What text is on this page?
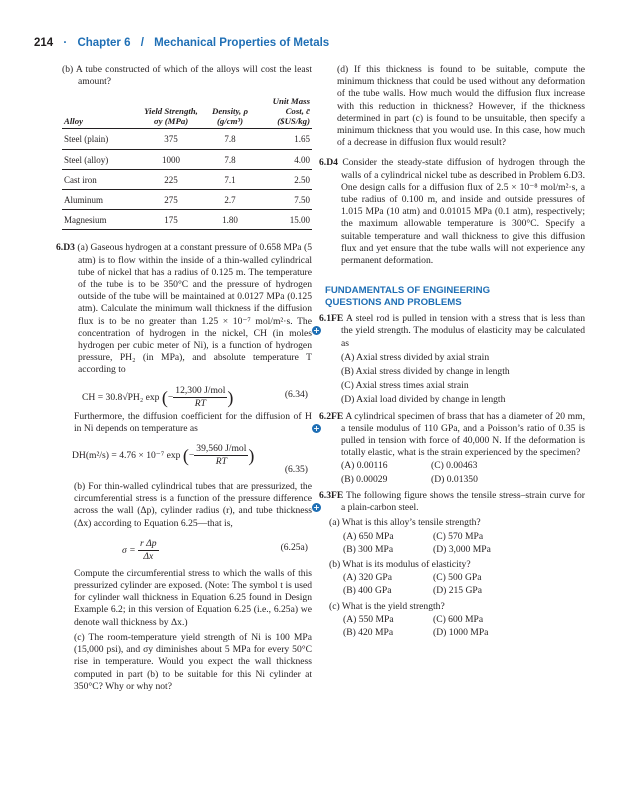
214 · Chapter 6 / Mechanical Properties of Metals

(b) A tube constructed of which of the alloys will cost the least amount?

Alloy	Yield Strength, σy (MPa)	Density, ρ (g/cm³)	Unit Mass Cost, c̄ ($US/kg)
Steel (plain)	375	7.8	1.65
Steel (alloy)	1000	7.8	4.00
Cast iron	225	7.1	2.50
Aluminum	275	2.7	7.50
Magnesium	175	1.80	15.00

6.D3 (a) Gaseous hydrogen at a constant pressure of 0.658 MPa (5 atm) is to flow within the inside of a thin-walled cylindrical tube of nickel that has a radius of 0.125 m. The temperature of the tube is to be 350°C and the pressure of hydrogen outside of the tube will be maintained at 0.0127 MPa (0.125 atm). Calculate the minimum wall thickness if the diffusion flux is to be no greater than 1.25 × 10⁻⁷ mol/m²·s. The concentration of hydrogen in the nickel, CH (in moles hydrogen per cubic meter of Ni), is a function of hydrogen pressure, PH₂ (in MPa), and absolute temperature T according to

CH = 30.8√PH₂ exp (− $\frac{\text{12,300 J/mol}}{RT}$ )	(6.34)

Furthermore, the diffusion coefficient for the diffusion of H in Ni depends on temperature as

DH(m²/s) = 4.76 × 10⁻⁷ exp (− $\frac{\text{39,560 J/mol}}{RT}$ )
(6.35)

(b) For thin-walled cylindrical tubes that are pressurized, the circumferential stress is a function of the pressure difference across the wall (Δp), cylinder radius (r), and tube thickness (Δx) according to Equation 6.25—that is,

$\sigma = \frac{\text{r Δp}}{\Delta x}$	(6.25a)

Compute the circumferential stress to which the walls of this pressurized cylinder are exposed. (Note: The symbol t is used for cylinder wall thickness in Equation 6.25 found in Design Example 6.2; in this version of Equation 6.25 (i.e., 6.25a) we denote wall thickness by Δx.)

(c) The room-temperature yield strength of Ni is 100 MPa (15,000 psi), and σy diminishes about 5 MPa for every 50°C rise in temperature. Would you expect the wall thickness computed in part (b) to be suitable for this Ni cylinder at 350°C? Why or why not?

(d) If this thickness is found to be suitable, compute the minimum thickness that could be used without any deformation of the tube walls. How much would the diffusion flux increase with this reduction in thickness? However, if the thickness determined in part (c) is found to be unsuitable, then specify a minimum thickness that you would use. In this case, how much of a decrease in diffusion flux would result?

6.D4 Consider the steady-state diffusion of hydrogen through the walls of a cylindrical nickel tube as described in Problem 6.D3. One design calls for a diffusion flux of 2.5 × 10⁻⁸ mol/m²·s, a tube radius of 0.100 m, and inside and outside pressures of 1.015 MPa (10 atm) and 0.01015 MPa (0.1 atm), respectively; the maximum allowable temperature is 300°C. Specify a suitable temperature and wall thickness to give this diffusion flux and yet ensure that the tube walls will not experience any permanent deformation.

FUNDAMENTALS OF ENGINEERING
QUESTIONS AND PROBLEMS
+

6.1FE A steel rod is pulled in tension with a stress that is less than the yield strength. The modulus of elasticity may be calculated as

(A) Axial stress divided by axial strain
(B) Axial stress divided by change in length
(C) Axial stress times axial strain
(D) Axial load divided by change in length
+

6.2FE A cylindrical specimen of brass that has a diameter of 20 mm, a tensile modulus of 110 GPa, and a Poisson’s ratio of 0.35 is pulled in tension with force of 40,000 N. If the deformation is totally elastic, what is the strain experienced by the specimen?

(A) 0.00116	(C) 0.00463
(B) 0.00029	(D) 0.01350
+

6.3FE The following figure shows the tensile stress–strain curve for a plain-carbon steel.

(a) What is this alloy’s tensile strength?
(A) 650 MPa	(C) 570 MPa
(B) 300 MPa	(D) 3,000 MPa
(b) What is its modulus of elasticity?
(A) 320 GPa	(C) 500 GPa
(B) 400 GPa	(D) 215 GPa
(c) What is the yield strength?
(A) 550 MPa	(C) 600 MPa
(B) 420 MPa	(D) 1000 MPa
